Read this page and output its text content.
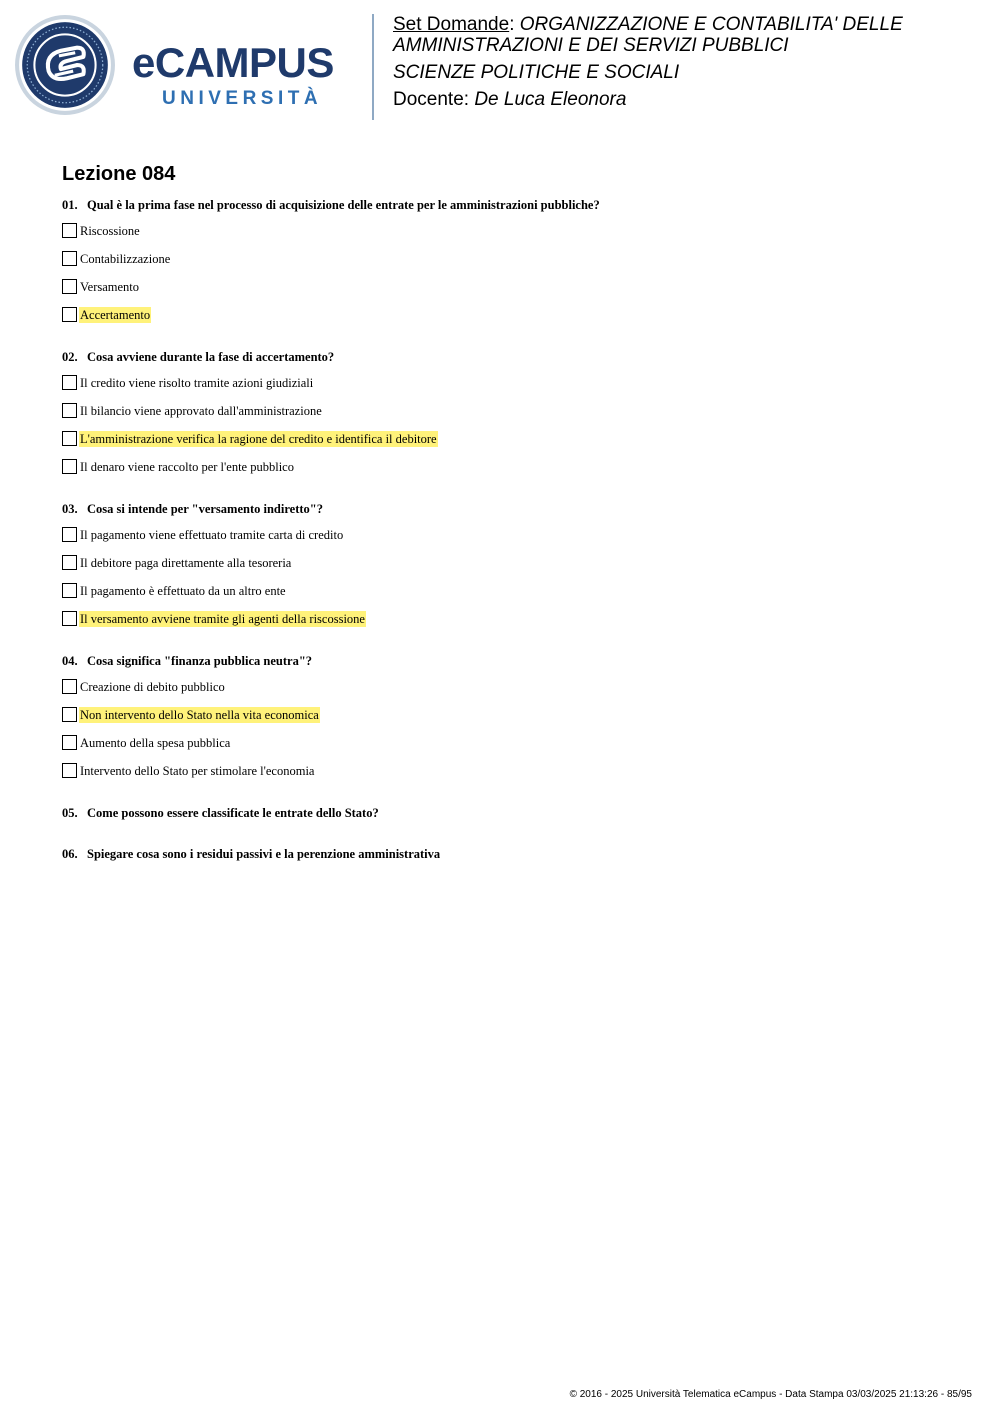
eCAMPUS
UNIVERSITÀ

Set Domande: ORGANIZZAZIONE E CONTABILITA' DELLE AMMINISTRAZIONI E DEI SERVIZI PUBBLICI

SCIENZE POLITICHE E SOCIALI

Docente: De Luca Eleonora

Lezione 084

01. Qual è la prima fase nel processo di acquisizione delle entrate per le amministrazioni pubbliche?

Riscossione
Contabilizzazione
Versamento
Accertamento

02. Cosa avviene durante la fase di accertamento?

Il credito viene risolto tramite azioni giudiziali
Il bilancio viene approvato dall'amministrazione
L'amministrazione verifica la ragione del credito e identifica il debitore
Il denaro viene raccolto per l'ente pubblico

03. Cosa si intende per "versamento indiretto"?

Il pagamento viene effettuato tramite carta di credito
Il debitore paga direttamente alla tesoreria
Il pagamento è effettuato da un altro ente
Il versamento avviene tramite gli agenti della riscossione

04. Cosa significa "finanza pubblica neutra"?

Creazione di debito pubblico
Non intervento dello Stato nella vita economica
Aumento della spesa pubblica
Intervento dello Stato per stimolare l'economia

05. Come possono essere classificate le entrate dello Stato?

06. Spiegare cosa sono i residui passivi e la perenzione amministrativa

© 2016 - 2025 Università Telematica eCampus - Data Stampa 03/03/2025 21:13:26 - 85/95
